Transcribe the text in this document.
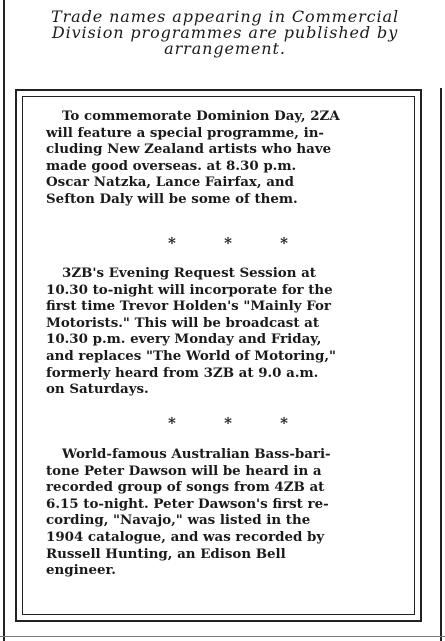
Trade names appearing in Commercial
Division programmes are published by
arrangement.
To commemorate Dominion Day, 2ZA
will feature a special programme, in-
cluding New Zealand artists who have
made good overseas. at 8.30 p.m.
Oscar Natzka, Lance Fairfax, and
Sefton Daly will be some of them.
*	*	*
3ZB's Evening Request Session at
10.30 to-night will incorporate for the
first time Trevor Holden's "Mainly For
Motorists." This will be broadcast at
10.30 p.m. every Monday and Friday,
and replaces "The World of Motoring,"
formerly heard from 3ZB at 9.0 a.m.
on Saturdays.
*	*	*
World-famous Australian Bass-bari-
tone Peter Dawson will be heard in a
recorded group of songs from 4ZB at
6.15 to-night. Peter Dawson's first re-
cording, "Navajo," was listed in the
1904 catalogue, and was recorded by
Russell Hunting, an Edison Bell
engineer.
